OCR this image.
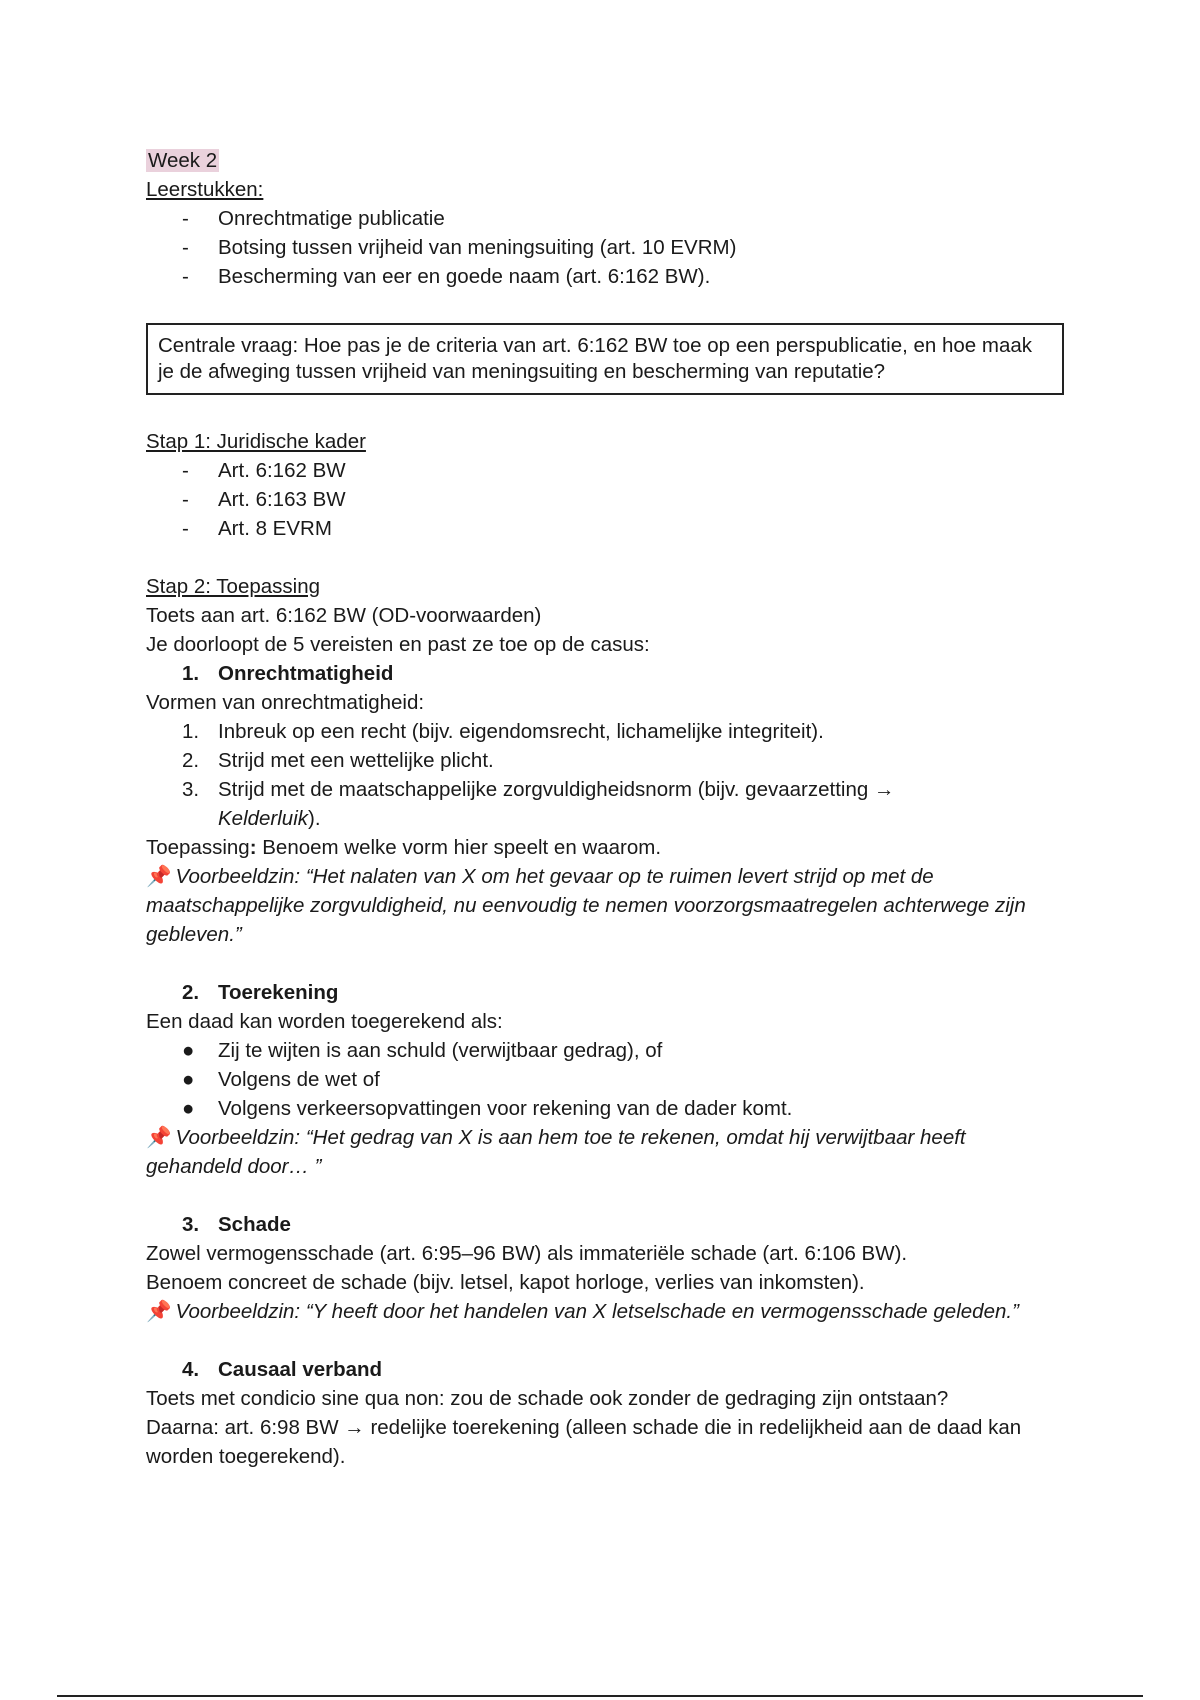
Week 2
Leerstukken:
-	Onrechtmatige publicatie
-	Botsing tussen vrijheid van meningsuiting (art. 10 EVRM)
-	Bescherming van eer en goede naam (art. 6:162 BW).
Centrale vraag: Hoe pas je de criteria van art. 6:162 BW toe op een perspublicatie, en hoe maak je de afweging tussen vrijheid van meningsuiting en bescherming van reputatie?
Stap 1: Juridische kader
-	Art. 6:162 BW
-	Art. 6:163 BW
-	Art. 8 EVRM
Stap 2: Toepassing
Toets aan art. 6:162 BW (OD-voorwaarden)
Je doorloopt de 5 vereisten en past ze toe op de casus:
1. Onrechtmatigheid
Vormen van onrechtmatigheid:
1. Inbreuk op een recht (bijv. eigendomsrecht, lichamelijke integriteit).
2. Strijd met een wettelijke plicht.
3. Strijd met de maatschappelijke zorgvuldigheidsnorm (bijv. gevaarzetting →
Kelderluik).
Toepassing: Benoem welke vorm hier speelt en waarom.
📌 Voorbeeldzin: “Het nalaten van X om het gevaar op te ruimen levert strijd op met de maatschappelijke zorgvuldigheid, nu eenvoudig te nemen voorzorgsmaatregelen achterwege zijn gebleven.”
2. Toerekening
Een daad kan worden toegerekend als:
●	Zij te wijten is aan schuld (verwijtbaar gedrag), of
●	Volgens de wet of
●	Volgens verkeersopvattingen voor rekening van de dader komt.
📌 Voorbeeldzin: “Het gedrag van X is aan hem toe te rekenen, omdat hij verwijtbaar heeft gehandeld door… ”
3. Schade
Zowel vermogensschade (art. 6:95–96 BW) als immateriële schade (art. 6:106 BW).
Benoem concreet de schade (bijv. letsel, kapot horloge, verlies van inkomsten).
📌 Voorbeeldzin: “Y heeft door het handelen van X letselschade en vermogensschade geleden.”
4. Causaal verband
Toets met condicio sine qua non: zou de schade ook zonder de gedraging zijn ontstaan?
Daarna: art. 6:98 BW → redelijke toerekening (alleen schade die in redelijkheid aan de daad kan worden toegerekend).
